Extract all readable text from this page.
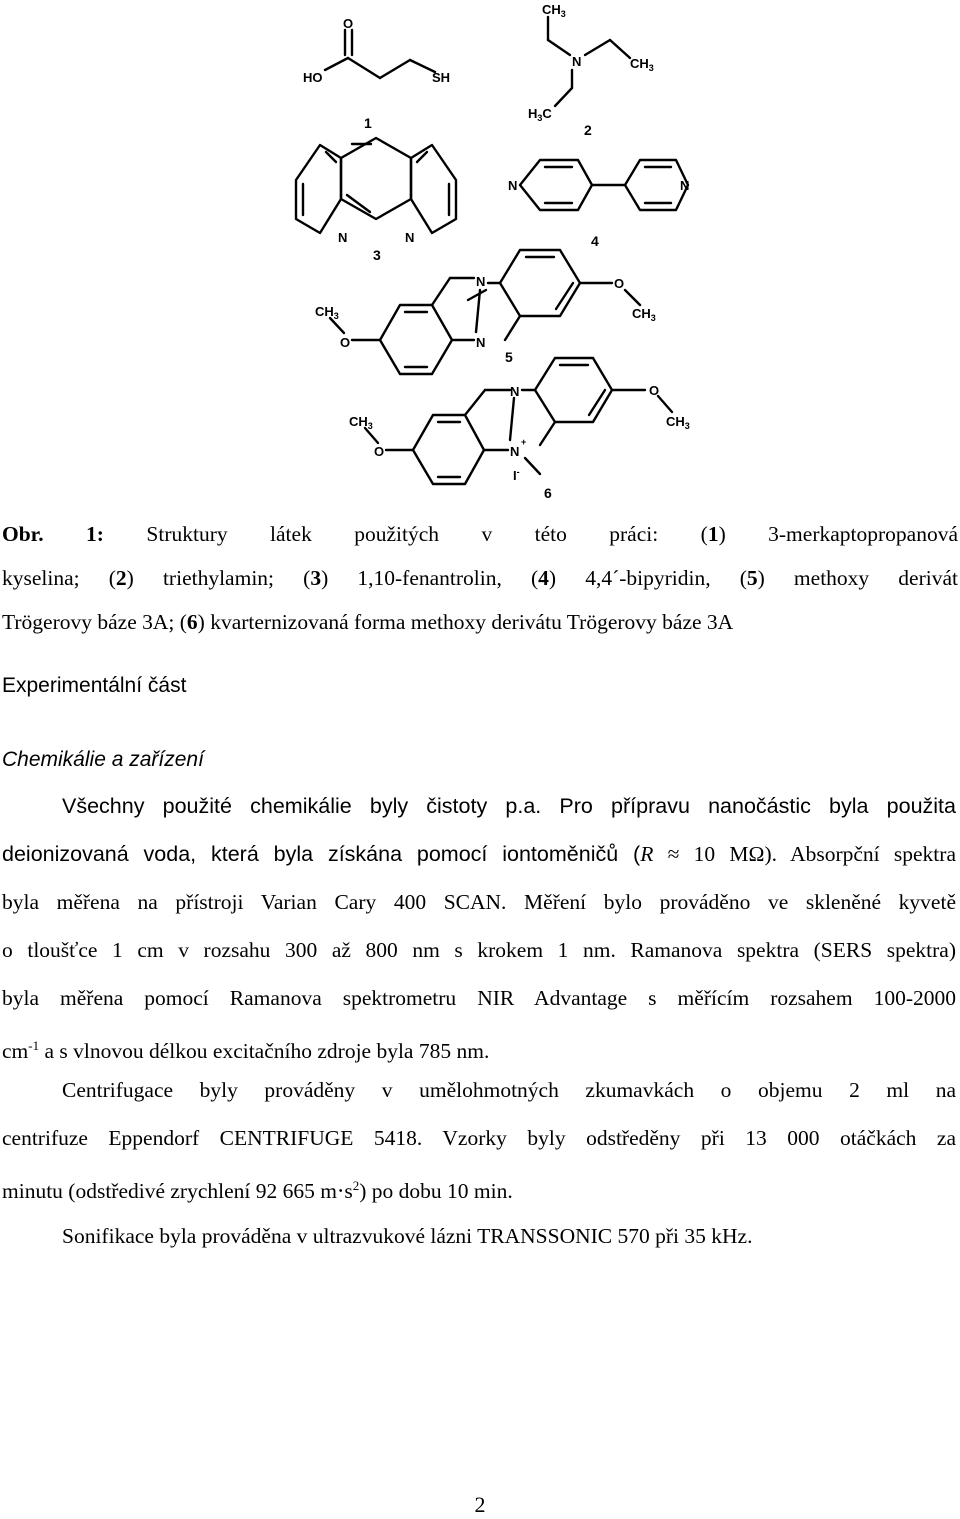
O
HO	SH
1
$CH_3$
N	$CH_3$
$H_3C$
2
N	N
3
N	N
4
N
N
O
O
$CH_3$	$CH_3$
5
N
N
+
I-
O
O
$CH_3$	$CH_3$
6
Obr. 1: Struktury látek použitých v této práci: (1) 3-merkaptopropanová
kyselina; (2) triethylamin; (3) 1,10-fenantrolin, (4) 4,4´-bipyridin, (5) methoxy derivát
Trögerovy báze 3A; (6) kvarternizovaná forma methoxy derivátu Trögerovy báze 3A
Experimentální část
Chemikálie a zařízení
Všechny použité chemikálie byly čistoty p.a. Pro přípravu nanočástic byla použita
deionizovaná voda, která byla získána pomocí iontoměničů (R ≈ 10 MΩ). Absorpční spektra
byla měřena na přístroji Varian Cary 400 SCAN. Měření bylo prováděno ve skleněné kyvetě
o tloušťce 1 cm v rozsahu 300 až 800 nm s krokem 1 nm. Ramanova spektra (SERS spektra)
byla měřena pomocí Ramanova spektrometru NIR Advantage s měřícím rozsahem 100-2000
$cm^{-1}$ a s vlnovou délkou excitačního zdroje byla 785 nm.
Centrifugace byly prováděny v umělohmotných zkumavkách o objemu 2 ml na
centrifuze Eppendorf CENTRIFUGE 5418. Vzorky byly odstředěny při 13 000 otáčkách za
minutu (odstředivé zrychlení 92 665 $m\cdot s^2$) po dobu 10 min.
Sonifikace byla prováděna v ultrazvukové lázni TRANSSONIC 570 při 35 kHz.
2
